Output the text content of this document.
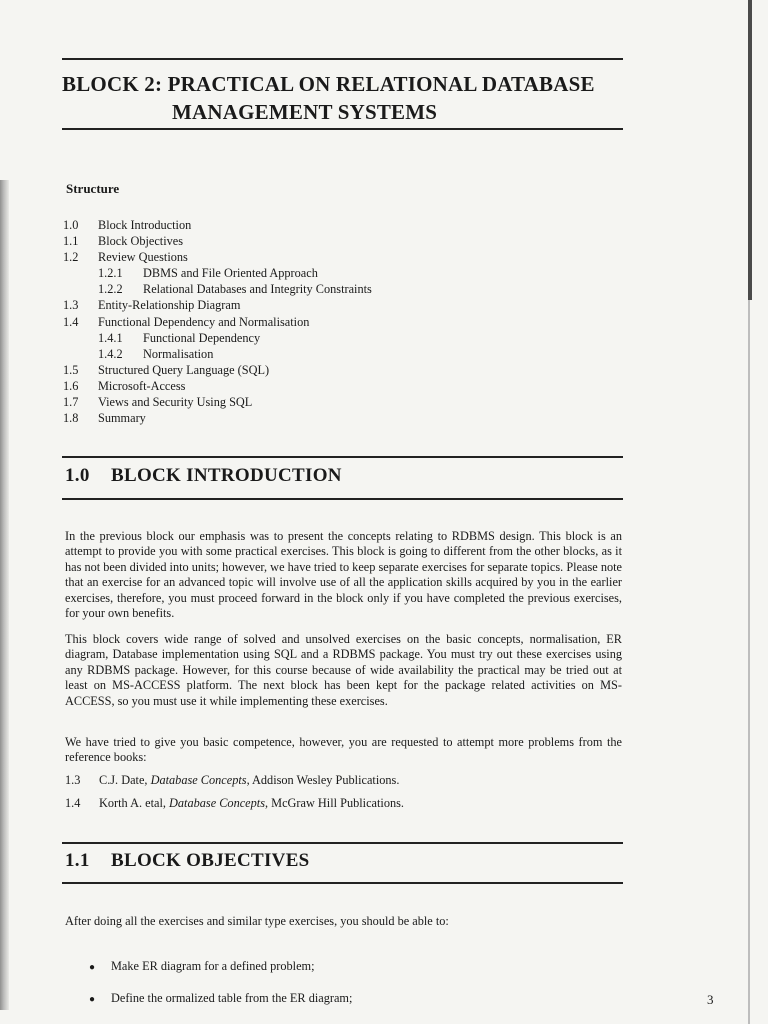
BLOCK 2: PRACTICAL ON RELATIONAL DATABASE
MANAGEMENT SYSTEMS
Structure
1.0 Block Introduction
1.1 Block Objectives
1.2 Review Questions
1.2.1 DBMS and File Oriented Approach
1.2.2 Relational Databases and Integrity Constraints
1.3 Entity-Relationship Diagram
1.4 Functional Dependency and Normalisation
1.4.1 Functional Dependency
1.4.2 Normalisation
1.5 Structured Query Language (SQL)
1.6 Microsoft-Access
1.7 Views and Security Using SQL
1.8 Summary
1.0 BLOCK INTRODUCTION
In the previous block our emphasis was to present the concepts relating to RDBMS design. This block is an attempt to provide you with some practical exercises. This block is going to different from the other blocks, as it has not been divided into units; however, we have tried to keep separate exercises for separate topics. Please note that an exercise for an advanced topic will involve use of all the application skills acquired by you in the earlier exercises, therefore, you must proceed forward in the block only if you have completed the previous exercises, for your own benefits.
This block covers wide range of solved and unsolved exercises on the basic concepts, normalisation, ER diagram, Database implementation using SQL and a RDBMS package. You must try out these exercises using any RDBMS package. However, for this course because of wide availability the practical may be tried out at least on MS-ACCESS platform. The next block has been kept for the package related activities on MS-ACCESS, so you must use it while implementing these exercises.
We have tried to give you basic competence, however, you are requested to attempt more problems from the reference books:
1.3 C.J. Date, Database Concepts, Addison Wesley Publications.
1.4 Korth A. etal, Database Concepts, McGraw Hill Publications.
1.1 BLOCK OBJECTIVES
After doing all the exercises and similar type exercises, you should be able to:
● Make ER diagram for a defined problem;
● Define the ormalized table from the ER diagram;	3
